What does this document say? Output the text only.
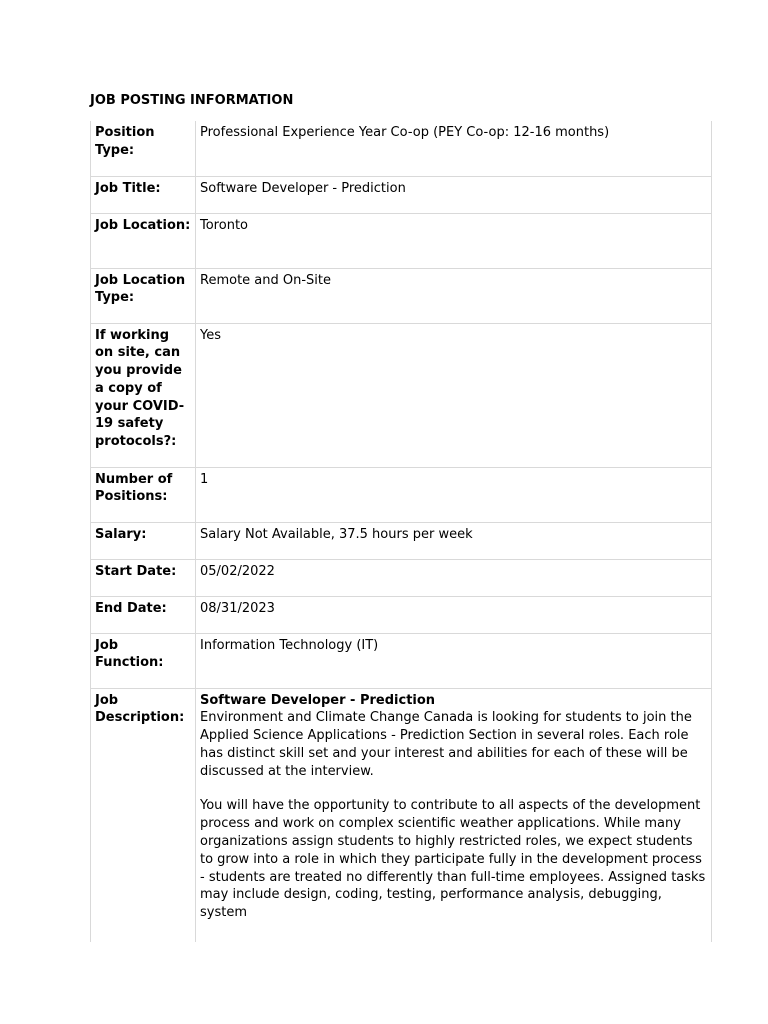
JOB POSTING INFORMATION
Position Type:	Professional Experience Year Co-op (PEY Co-op: 12-16 months)
Job Title:	Software Developer - Prediction
Job Location:	Toronto
Job Location Type:	Remote and On-Site
If working on site, can you provide a copy of your COVID-19 safety protocols?:	Yes
Number of Positions:	1
Salary:	Salary Not Available, 37.5 hours per week
Start Date:	05/02/2022
End Date:	08/31/2023
Job Function:	Information Technology (IT)
Job Description:	Software Developer - Prediction
Environment and Climate Change Canada is looking for students to join the Applied Science Applications - Prediction Section in several roles. Each role has distinct skill set and your interest and abilities for each of these will be discussed at the interview.
You will have the opportunity to contribute to all aspects of the development process and work on complex scientific weather applications. While many organizations assign students to highly restricted roles, we expect students to grow into a role in which they participate fully in the development process - students are treated no differently than full-time employees. Assigned tasks may include design, coding, testing, performance analysis, debugging, system
